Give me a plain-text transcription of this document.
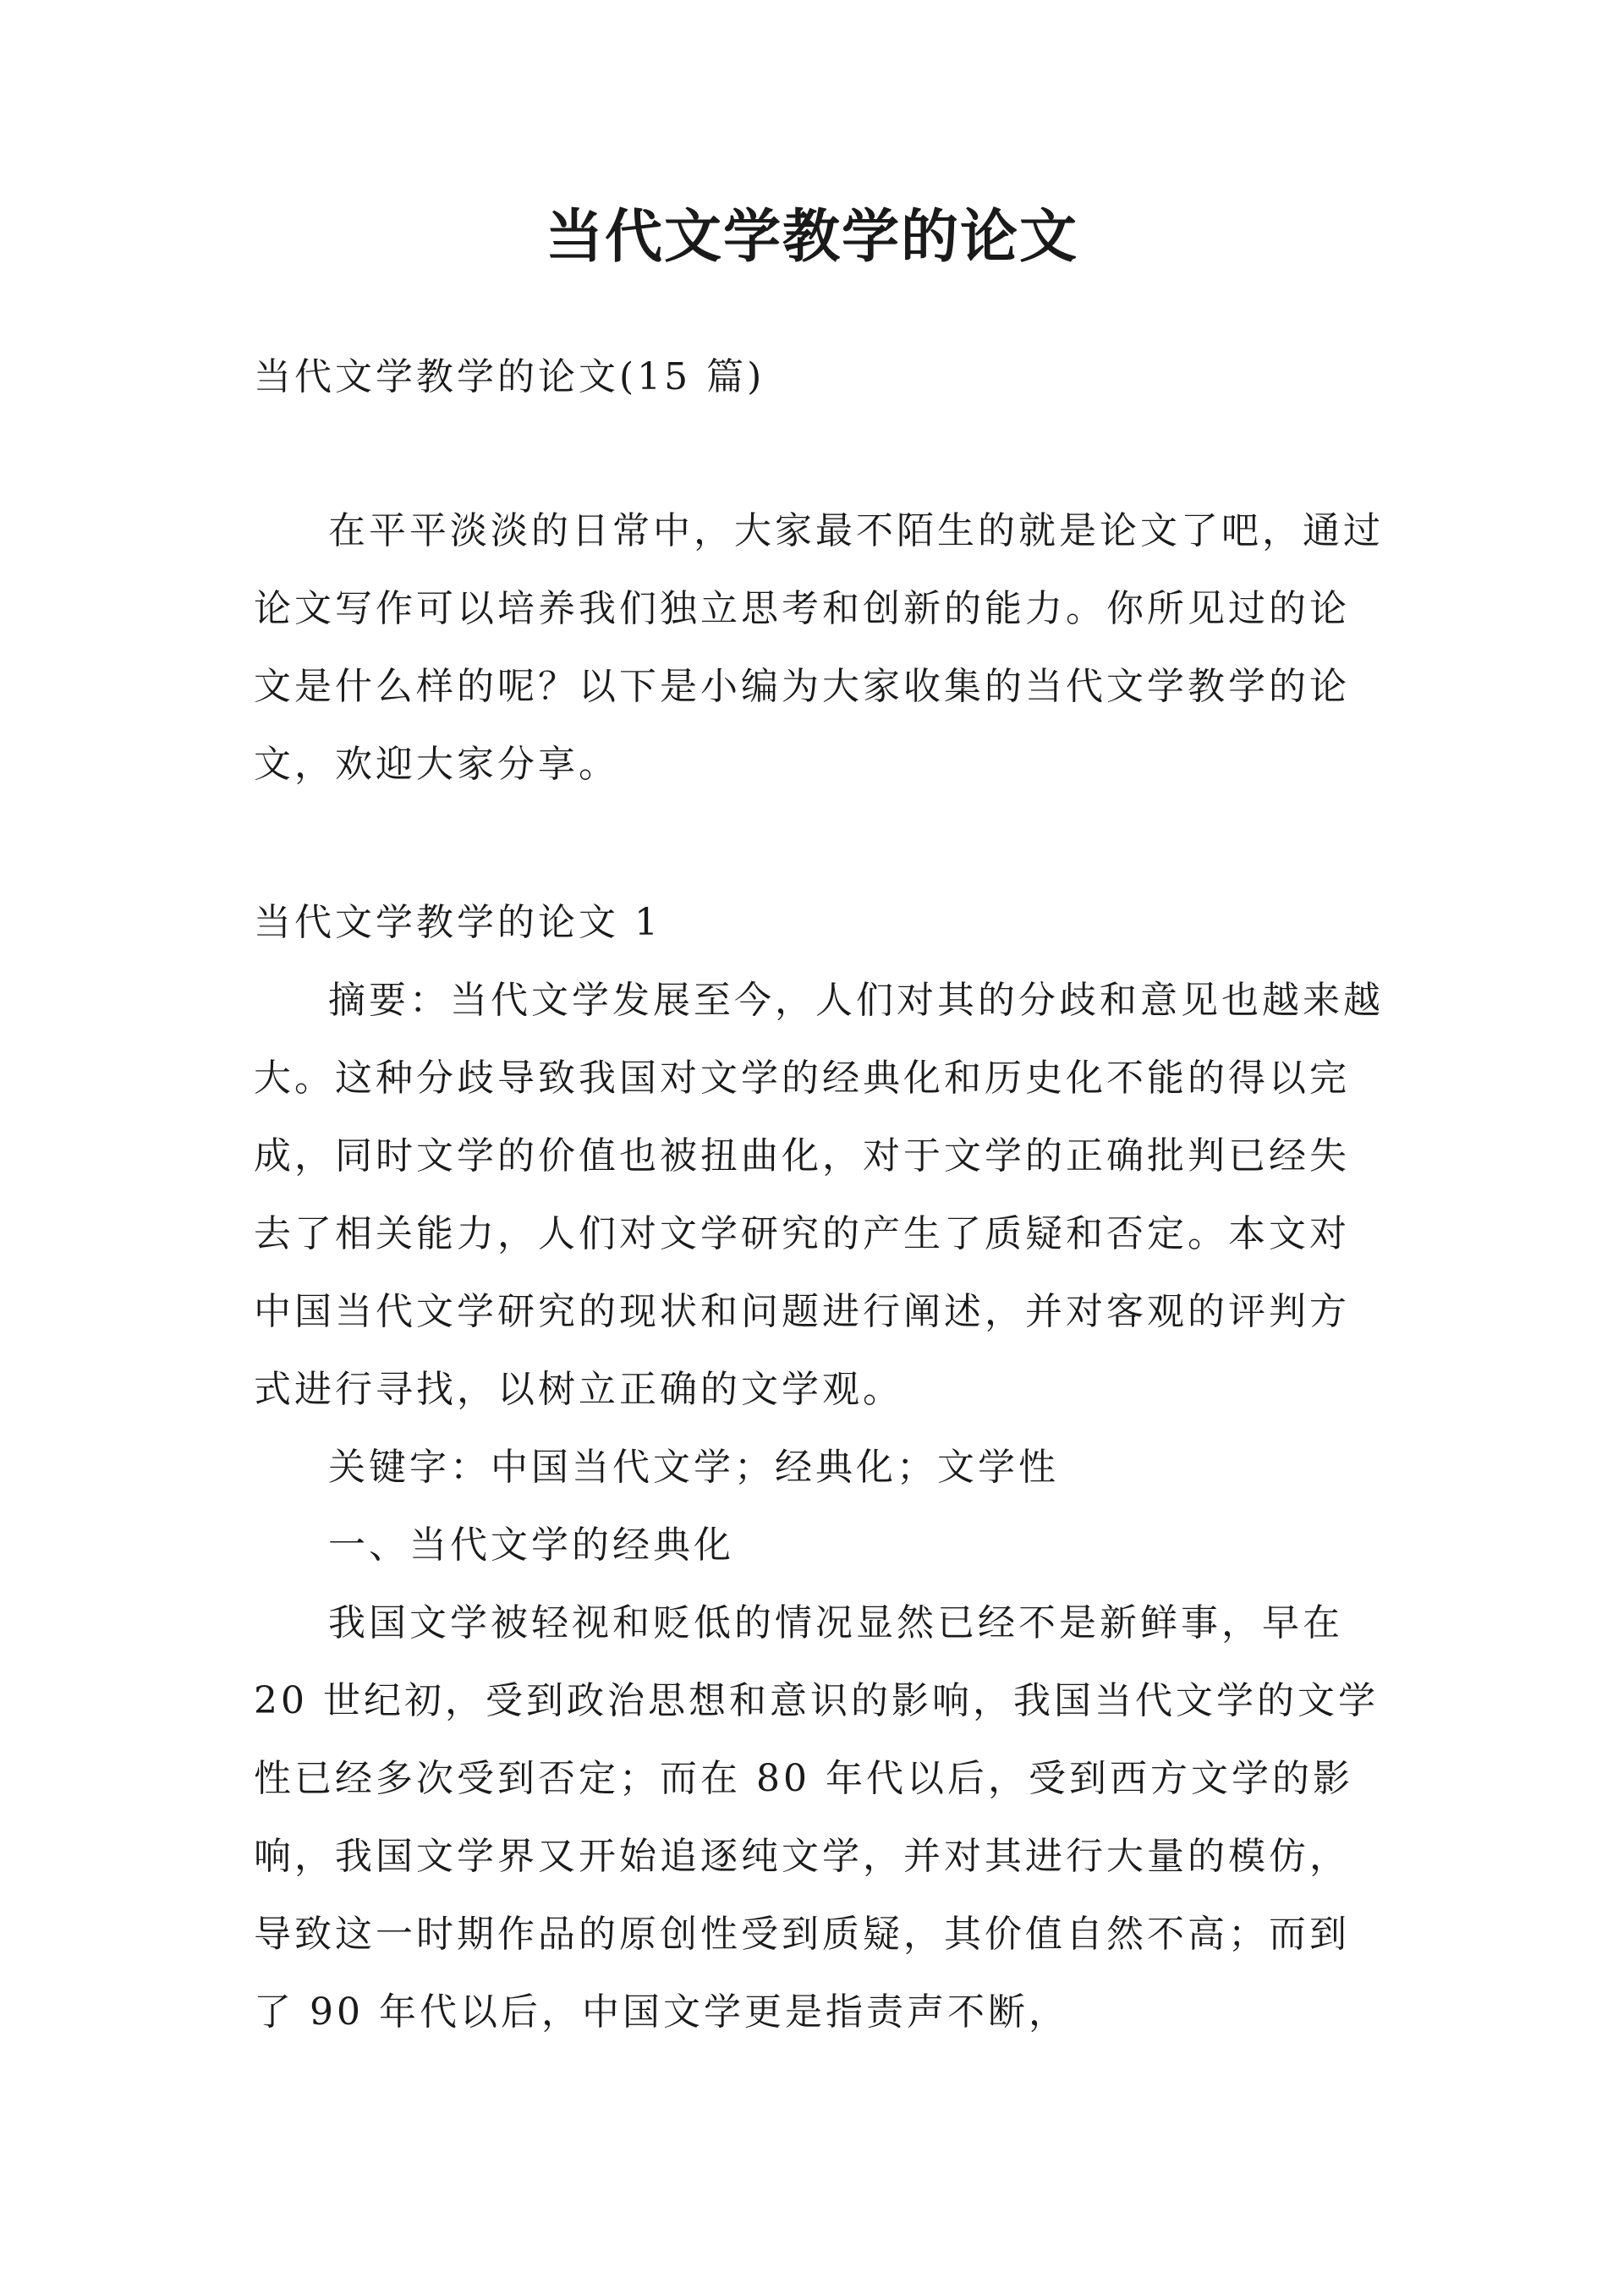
当代文学教学的论文

当代文学教学的论文(15 篇)

在平平淡淡的日常中，大家最不陌生的就是论文了吧，通过论文写作可以培养我们独立思考和创新的能力。你所见过的论文是什么样的呢？以下是小编为大家收集的当代文学教学的论文，欢迎大家分享。

当代文学教学的论文 1

摘要：当代文学发展至今，人们对其的分歧和意见也越来越大。这种分歧导致我国对文学的经典化和历史化不能的得以完成，同时文学的价值也被扭曲化，对于文学的正确批判已经失去了相关能力，人们对文学研究的产生了质疑和否定。本文对中国当代文学研究的现状和问题进行阐述，并对客观的评判方式进行寻找，以树立正确的文学观。

关键字：中国当代文学；经典化；文学性

一、当代文学的经典化

我国文学被轻视和贬低的情况显然已经不是新鲜事，早在 20 世纪初，受到政治思想和意识的影响，我国当代文学的文学性已经多次受到否定；而在 80 年代以后，受到西方文学的影响，我国文学界又开始追逐纯文学，并对其进行大量的模仿，导致这一时期作品的原创性受到质疑，其价值自然不高；而到了 90 年代以后，中国文学更是指责声不断，
